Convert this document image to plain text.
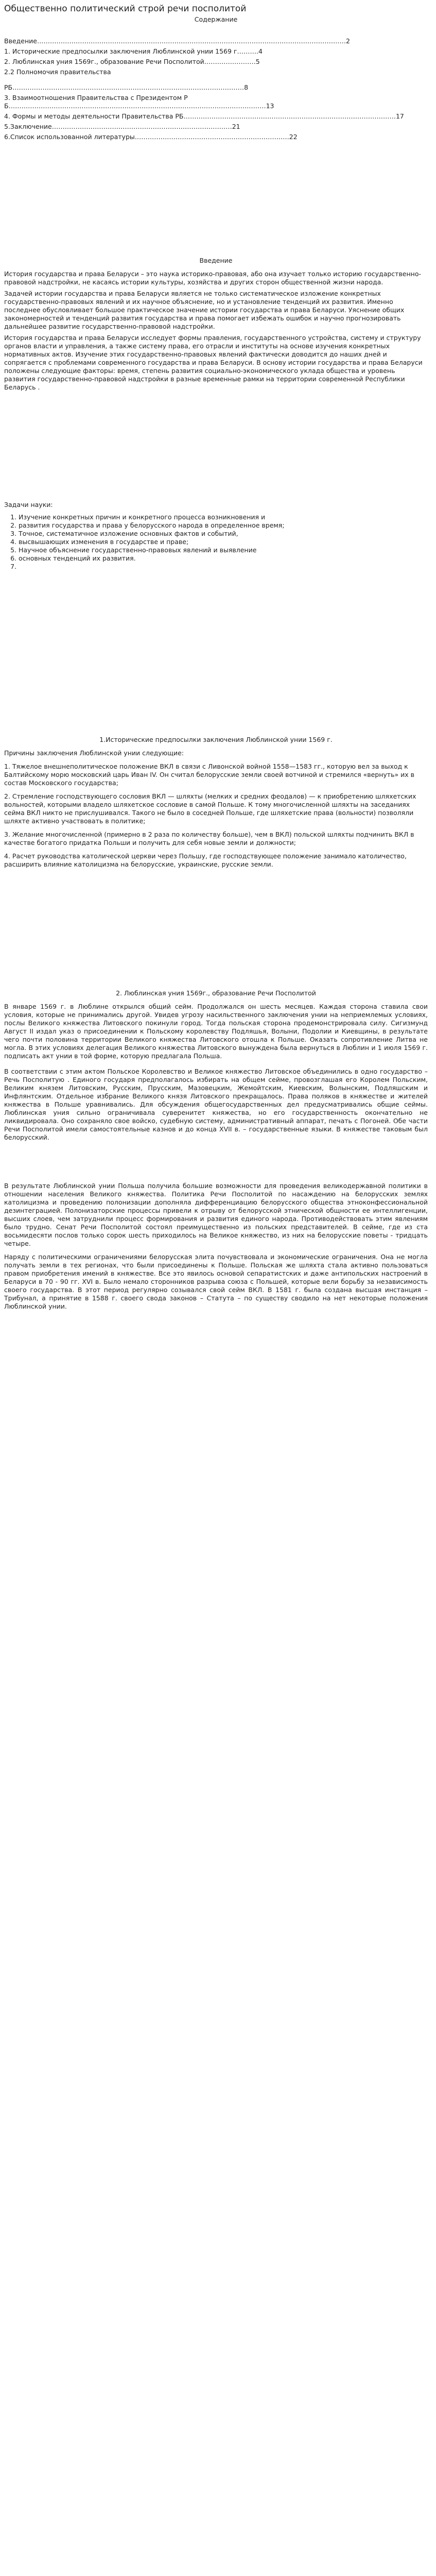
Общественно политический строй речи посполитой
Содержание
Введение………………………………………………………………………………………………………………………………2
1. Исторические предпосылки заключения Люблинской унии 1569 г……….4
2. Люблинская уния 1569г., образование Речи Посполитой……………………5
2.2 Полномочия правительства
РБ………………………………………………………………………………………………8
3. Взаимоотношения Правительства с Президентом РБ…………………………………………………………………………………………………………13
4. Формы и методы деятельности Правительства РБ………………………………………………………………………………………17
5.Заключение…………………………………………………………………………21
6.Список использованной литературы………………………………………………………………22
Введение

История государства и права Беларуси – это наука историко-правовая, або она изучает только историю государственно-правовой надстройки, не касаясь истории культуры, хозяйства и других сторон общественной жизни народа.

Задачей истории государства и права Беларуси является не только систематическое изложение конкретных государственно-правовых явлений и их научное объяснение, но и установление тенденций их развития. Именно последнее обусловливает большое практическое значение истории государства и права Беларуси. Уяснение общих закономерностей и тенденций развития государства и права помогает избежать ошибок и научно прогнозировать дальнейшее развитие государственно-правовой надстройки.

История государства и права Беларуси исследует формы правления, государственного устройства, систему и структуру органов власти и управления, а также систему права, его отрасли и институты на основе изучения конкретных нормативных актов. Изучение этих государственно-правовых явлений фактически доводится до наших дней и сопрягается с проблемами современного государства и права Беларуси. В основу истории государства и права Беларуси положены следующие факторы: время, степень развития социально-экономического уклада общества и уровень развития государственно-правовой надстройки в разные временные рамки на территории современной Республики Беларусь .

Задачи науки:

1. Изучение конкретных причин и конкретного процесса возникновения и
2. развития государства и права у белорусского народа в определенное время;
3. Точное, систематичное изложение основных фактов и событий,
4. высвышающих изменения в государстве и праве;
5. Научное объяснение государственно-правовых явлений и выявление
6. основных тенденций их развития.
7.
1.Исторические предпосылки заключения Люблинской унии 1569 г.

Причины заключения Люблинской унии следующие:

1. Тяжелое внешнеполитическое положение ВКЛ в связи с Ливонской войной 1558—1583 гг., которую вел за выход к Балтийскому морю московский царь Иван IV. Он считал белорусские земли своей вотчиной и стремился «вернуть» их в состав Московского государства;

2. Стремление господствующего сословия ВКЛ — шляхты (мелких и средних феодалов) — к приобретению шляхетских вольностей, которыми владело шляхетское сословие в самой Польше. К тому многочисленной шляхты на заседаниях сейма ВКЛ никто не прислушивался. Такого не было в соседней Польше, где шляхетские права (вольности) позволяли шляхте активно участвовать в политике;

3. Желание многочисленной (примерно в 2 раза по количеству больше), чем в ВКЛ) польской шляхты подчинить ВКЛ в качестве богатого придатка Польши и получить для себя новые земли и должности;

4. Расчет руководства католической церкви через Польшу, где господствующее положение занимало католичество, расширить влияние католицизма на белорусские, украинские, русские земли.

2. Люблинская уния 1569г., образование Речи Посполитой

В январе 1569 г. в Люблине открылся общий сейм. Продолжался он шесть месяцев. Каждая сторона ставила свои условия, которые не принимались другой. Увидев угрозу насильственного заключения унии на неприемлемых условиях, послы Великого княжества Литовского покинули город. Тогда польская сторона продемонстрировала силу. Сигизмунд Август II издал указ о присоединении к Польскому королевству Подляшья, Волыни, Подолии и Киевщины, в результате чего почти половина территории Великого княжества Литовского отошла к Польше. Оказать сопротивление Литва не могла. В этих условиях делегация Великого княжества Литовского вынуждена была вернуться в Люблин и 1 июля 1569 г. подписать акт унии в той форме, которую предлагала Польша.

В соответствии с этим актом Польское Королевство и Великое княжество Литовское объединились в одно государство – Речь Посполитую . Единого государя предполагалось избирать на общем сейме, провозглашая его Королем Польским, Великим князем Литовским, Русским, Прусским, Мазовецким, Жемойтским, Киевским, Волынским, Подляшским и Инфлянтским. Отдельное избрание Великого князя Литовского прекращалось. Права поляков в княжестве и жителей княжества в Польше уравнивались. Для обсуждения общегосударственных дел предусматривались общие сеймы. Люблинская уния сильно ограничивала суверенитет княжества, но его государственность окончательно не ликвидировала. Оно сохраняло свое войско, судебную систему, административный аппарат, печать с Погоней. Обе части Речи Посполитой имели самостоятельные казнов и до конца XVII в. – государственные языки. В княжестве таковым был белорусский.

В результате Люблинской унии Польша получила большие возможности для проведения великодержавной политики в отношении населения Великого княжества. Политика Речи Посполитой по насаждению на белорусских землях католицизма и проведению полонизации дополняла дифференциацию белорусского общества этноконфессиональной дезинтеграцией. Полонизаторские процессы привели к отрыву от белорусской этнической общности ее интеллигенции, высших слоев, чем затруднили процесс формирования и развития единого народа. Противодействовать этим явлениям было трудно. Сенат Речи Посполитой состоял преимущественно из польских представителей. В сейме, где из ста восьмидесяти послов только сорок шесть приходилось на Великое княжество, из них на белорусские поветы - тридцать четыре.

Наряду с политическими ограничениями белорусская элита почувствовала и экономические ограничения. Она не могла получать земли в тех регионах, что были присоединены к Польше. Польская же шляхта стала активно пользоваться правом приобретения имений в княжестве. Все это явилось основой сепаратистских и даже антипольских настроений в Беларуси в 70 - 90 гг. XVI в. Было немало сторонников разрыва союза с Польшей, которые вели борьбу за независимость своего государства. В этот период регулярно созывался свой сейм ВКЛ. В 1581 г. была создана высшая инстанция – Трибунал, а принятие в 1588 г. своего свода законов – Статута – по существу сводило на нет некоторые положения Люблинской унии.
